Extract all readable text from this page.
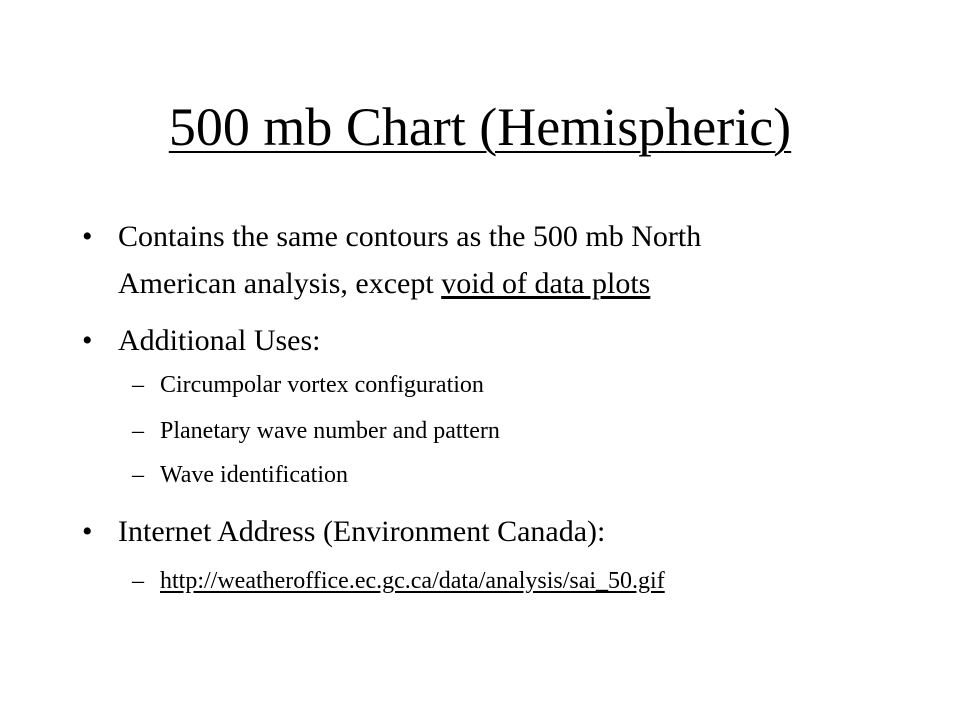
500 mb Chart (Hemispheric)
• Contains the same contours as the 500 mb North
American analysis, except void of data plots
• Additional Uses:
– Circumpolar vortex configuration
– Planetary wave number and pattern
– Wave identification
• Internet Address (Environment Canada):
– http://weatheroffice.ec.gc.ca/data/analysis/sai_50.gif
